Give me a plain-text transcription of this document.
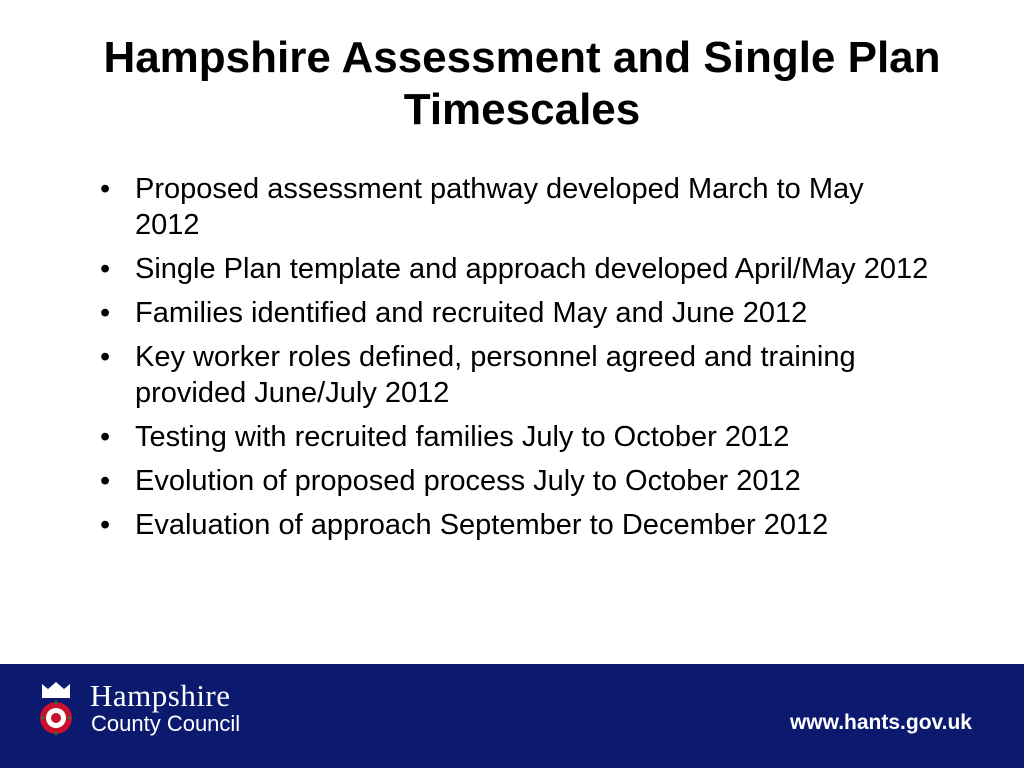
Hampshire Assessment and Single Plan
Timescales
• Proposed assessment pathway developed March to May 2012
• Single Plan template and approach developed April/May 2012
• Families identified and recruited May and June 2012
• Key worker roles defined, personnel agreed and training provided June/July 2012
• Testing with recruited families July to October 2012
• Evolution of proposed process July to October 2012
• Evaluation of approach September to December 2012
Hampshire
County Council	www.hants.gov.uk
